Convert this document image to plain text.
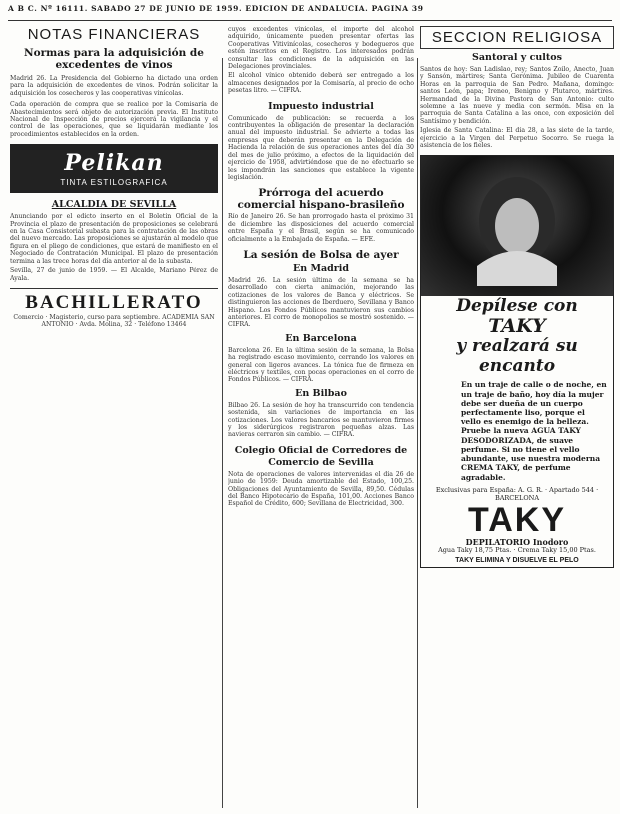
A B C. Nº 16111. SABADO 27 DE JUNIO DE 1959. EDICION DE ANDALUCIA. PAGINA 39
NOTAS FINANCIERAS
Normas para la adquisición de excedentes de vinos
Madrid 26. La Presidencia del Gobierno ha dictado una orden para la adquisición de excedentes de vinos. Podrán solicitar la adquisición los cosecheros y las cooperativas vinícolas.
Cada operación de compra que se realice por la Comisaría de Abastecimientos será objeto de autorización previa. El Instituto Nacional de Inspección de precios ejercerá la vigilancia y el control de las operaciones, que se liquidarán mediante los procedimientos establecidos en la orden.
Pelikan
TINTA ESTILOGRAFICA
ALCALDIA DE SEVILLA
Anunciando por el edicto inserto en el Boletín Oficial de la Provincia el plazo de presentación de proposiciones se celebrará en la Casa Consistorial subasta para la contratación de las obras del nuevo mercado. Las proposiciones se ajustarán al modelo que figura en el pliego de condiciones, que estará de manifiesto en el Negociado de Contratación Municipal. El plazo de presentación termina a las trece horas del día anterior al de la subasta.
Sevilla, 27 de junio de 1959. — El Alcalde, Mariano Pérez de Ayala.
BACHILLERATO
Comercio · Magisterio, curso para septiembre. ACADEMIA SAN ANTONIO · Avda. Molina, 32 · Teléfono 13464
cuyos excedentes vinícolas, el importe del alcohol adquirido, únicamente pueden presentar ofertas las Cooperativas Vitivinícolas, cosecheros y bodegueros que estén inscritos en el Registro. Los interesados podrán consultar las condiciones de la adquisición en las Delegaciones provinciales.
El alcohol vínico obtenido deberá ser entregado a los almacenes designados por la Comisaría, al precio de ocho pesetas litro. — CIFRA.
Impuesto industrial
Comunicado de publicación: se recuerda a los contribuyentes la obligación de presentar la declaración anual del impuesto industrial. Se advierte a todas las empresas que deberán presentar en la Delegación de Hacienda la relación de sus operaciones antes del día 30 del mes de julio próximo, a efectos de la liquidación del ejercicio de 1958, advirtiéndose que de no efectuarlo se les impondrán las sanciones que establece la vigente legislación.
Prórroga del acuerdo comercial hispano-brasileño
Río de Janeiro 26. Se han prorrogado hasta el próximo 31 de diciembre las disposiciones del acuerdo comercial entre España y el Brasil, según se ha comunicado oficialmente a la Embajada de España. — EFE.
La sesión de Bolsa de ayer
En Madrid
Madrid 26. La sesión última de la semana se ha desarrollado con cierta animación, mejorando las cotizaciones de los valores de Banca y eléctricos. Se distinguieron las acciones de Iberduero, Sevillana y Banco Hispano. Los Fondos Públicos mantuvieron sus cambios anteriores. El corro de monopolios se mostró sostenido. — CIFRA.
En Barcelona
Barcelona 26. En la última sesión de la semana, la Bolsa ha registrado escaso movimiento, cerrando los valores en general con ligeros avances. La tónica fue de firmeza en eléctricos y textiles, con pocas operaciones en el corro de Fondos Públicos. — CIFRA.
En Bilbao
Bilbao 26. La sesión de hoy ha transcurrido con tendencia sostenida, sin variaciones de importancia en las cotizaciones. Los valores bancarios se mantuvieron firmes y los siderúrgicos registraron pequeñas alzas. Las navieras cerraron sin cambio. — CIFRA.
Colegio Oficial de Corredores de Comercio de Sevilla
Nota de operaciones de valores intervenidas el día 26 de junio de 1959: Deuda amortizable del Estado, 100,25. Obligaciones del Ayuntamiento de Sevilla, 89,50. Cédulas del Banco Hipotecario de España, 101,00. Acciones Banco Español de Crédito, 600; Sevillana de Electricidad, 300.
SECCION RELIGIOSA
Santoral y cultos
Santos de hoy: San Ladislao, rey; Santos Zoilo, Anecto, Juan y Sansón, mártires; Santa Gerónima. Jubileo de Cuarenta Horas en la parroquia de San Pedro. Mañana, domingo: santos León, papa; Ireneo, Benigno y Plutarco, mártires. Hermandad de la Divina Pastora de San Antonio: culto solemne a las nueve y media con sermón. Misa en la parroquia de Santa Catalina a las once, con exposición del Santísimo y bendición.
Iglesia de Santa Catalina: El día 28, a las siete de la tarde, ejercicio a la Virgen del Perpetuo Socorro. Se ruega la asistencia de los fieles.
Depílese con
TAKY
y realzará su encanto
En un traje de calle o de noche, en un traje de baño, hoy día la mujer debe ser dueña de un cuerpo perfectamente liso, porque el vello es enemigo de la belleza. Pruebe la nueva AGUA TAKY DESODORIZADA, de suave perfume. Si no tiene el vello abundante, use nuestra moderna CREMA TAKY, de perfume agradable.
Exclusivas para España: A. G. R. · Apartado 544 · BARCELONA
TAKY
DEPILATORIO Inodoro
Agua Taky 18,75 Ptas. · Crema Taky 15,00 Ptas.
TAKY ELIMINA Y DISUELVE EL PELO
